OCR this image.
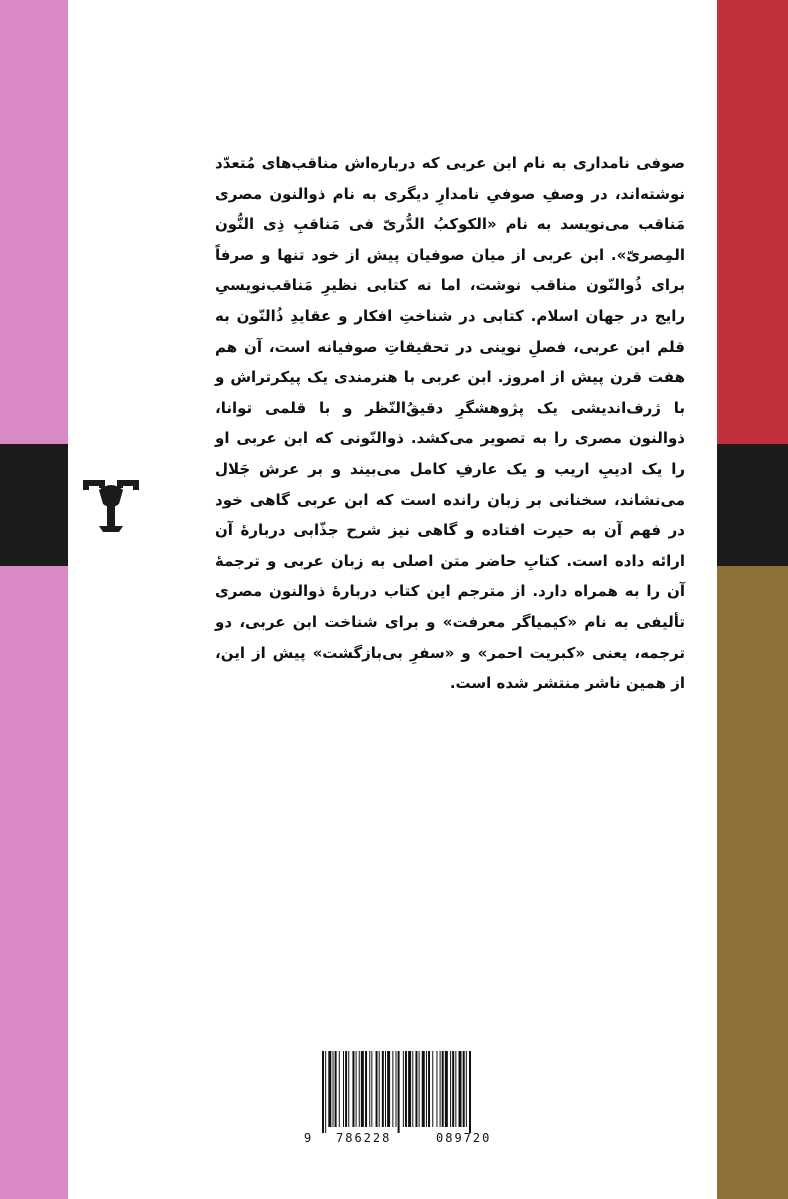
انتشارات نیلوفر
صوفی نامداری به نام ابن عربی که درباره‌اش مناقب‌های مُتعدّد نوشته‌اند، در وصفِ صوفیِ نامدارِ دیگری به نام ذوالنون مصری مَناقب می‌نویسد به نام «الکوکبُ الدُّریّ فی مَناقبِ ذِی النُّون المِصریّ». ابن عربی از میان صوفیان پیش از خود تنها و صرفاً برای ذُوالنّون مناقب نوشت، اما نه کتابی نظیرِ مَناقب‌نویسیِ رایج در جهان اسلام. کتابی در شناختِ افکار و عقایدِ ذُالنّون به قلم ابن عربی، فصلِ نوینی در تحقیقاتِ صوفیانه است، آن هم هفت قرن پیش از امروز. ابن عربی با هنرمندی یک پیکرتراش و با ژرف‌اندیشی یک پژوهشگرِ دقیقُ‌النّظر و با قلمی توانا، ذوالنون مصری را به تصویر می‌کشد. ذوالنّونی که ابن عربی او را یک ادیبِ اریب و یک عارفِ کامل می‌بیند و بر عرش جَلال می‌نشاند، سخنانی بر زبان رانده است که ابن عربی گاهی خود در فهم آن به حیرت افتاده و گاهی نیز شرح جذّابی دربارهٔ آن ارائه داده است. کتابِ حاضر متن اصلی به زبان عربی و ترجمهٔ آن را به همراه دارد. از مترجم این کتاب دربارهٔ ذوالنون مصری تألیفی به نام «کیمیاگر معرفت» و برای شناخت ابن عربی، دو ترجمه، یعنی «کبریت احمر» و «سفرِ بی‌بازگشت» پیش از این، از همین ناشر منتشر شده است.
9 786228	089720
